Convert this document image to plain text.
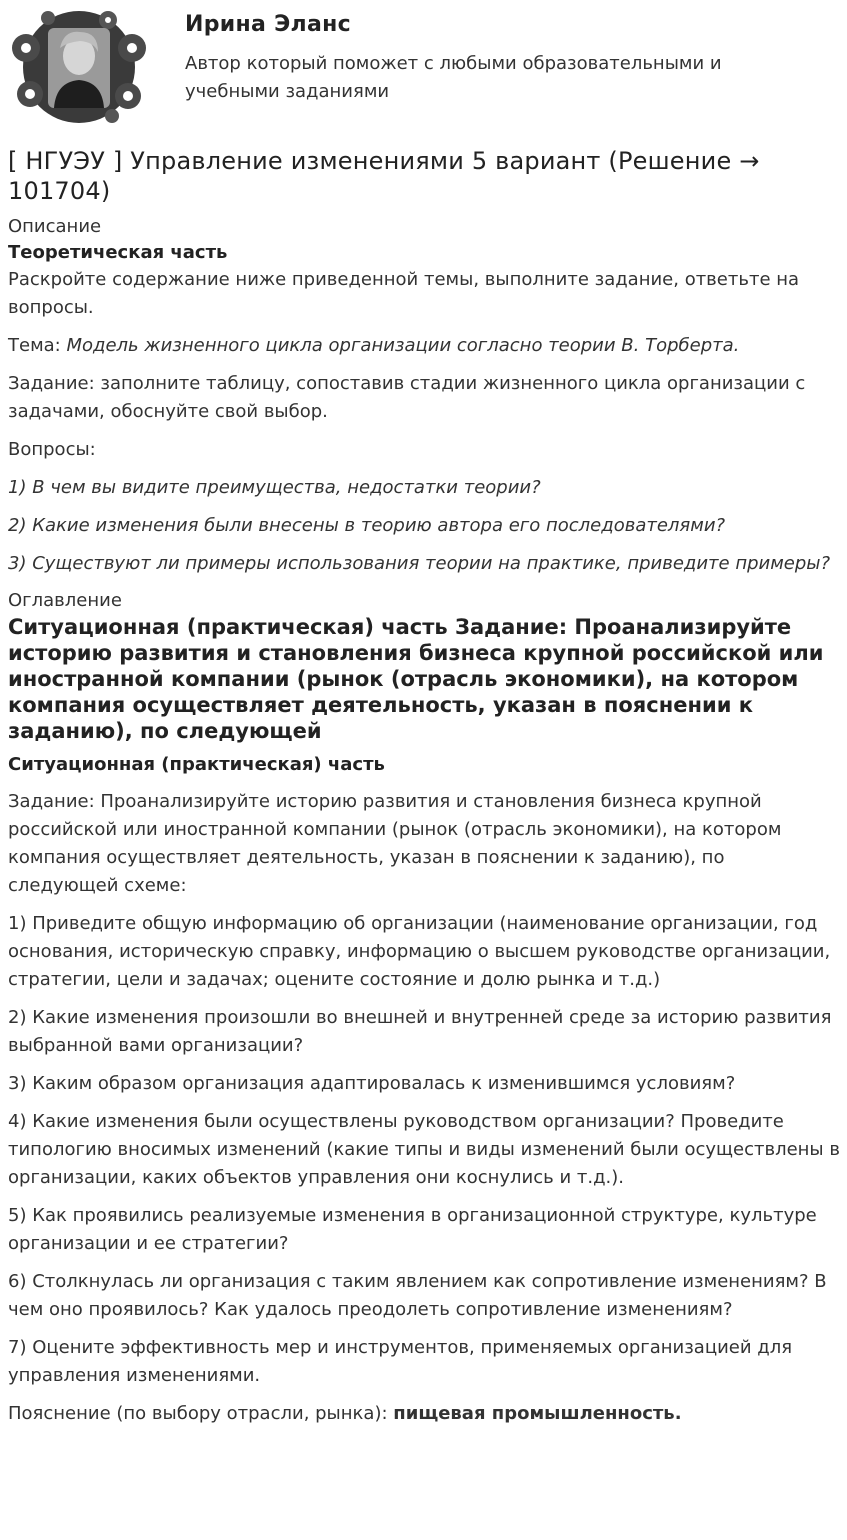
Ирина Эланс
Автор который поможет с любыми образовательными и учебными заданиями
[ НГУЭУ ] Управление изменениями 5 вариант (Решение → 101704)
Описание
Теоретическая часть

Раскройте содержание ниже приведенной темы, выполните задание, ответьте на вопросы.

Тема: Модель жизненного цикла организации согласно теории В. Торберта.

Задание: заполните таблицу, сопоставив стадии жизненного цикла организации с задачами, обоснуйте свой выбор.

Вопросы:

1) В чем вы видите преимущества, недостатки теории?

2) Какие изменения были внесены в теорию автора его последователями?

3) Существуют ли примеры использования теории на практике, приведите примеры?

Оглавление
Ситуационная (практическая) часть Задание: Проанализируйте историю развития и становления бизнеса крупной российской или иностранной компании (рынок (отрасль экономики), на котором компания осуществляет деятельность, указан в пояснении к заданию), по следующей
Ситуационная (практическая) часть

Задание: Проанализируйте историю развития и становления бизнеса крупной российской или иностранной компании (рынок (отрасль экономики), на котором компания осуществляет деятельность, указан в пояснении к заданию), по следующей схеме:

1) Приведите общую информацию об организации (наименование организации, год основания, историческую справку, информацию о высшем руководстве организации, стратегии, цели и задачах; оцените состояние и долю рынка и т.д.)

2) Какие изменения произошли во внешней и внутренней среде за историю развития выбранной вами организации?

3) Каким образом организация адаптировалась к изменившимся условиям?

4) Какие изменения были осуществлены руководством организации? Проведите типологию вносимых изменений (какие типы и виды изменений были осуществлены в организации, каких объектов управления они коснулись и т.д.).

5) Как проявились реализуемые изменения в организационной структуре, культуре организации и ее стратегии?

6) Столкнулась ли организация с таким явлением как сопротивление изменениям? В чем оно проявилось? Как удалось преодолеть сопротивление изменениям?

7) Оцените эффективность мер и инструментов, применяемых организацией для управления изменениями.

Пояснение (по выбору отрасли, рынка): пищевая промышленность.
